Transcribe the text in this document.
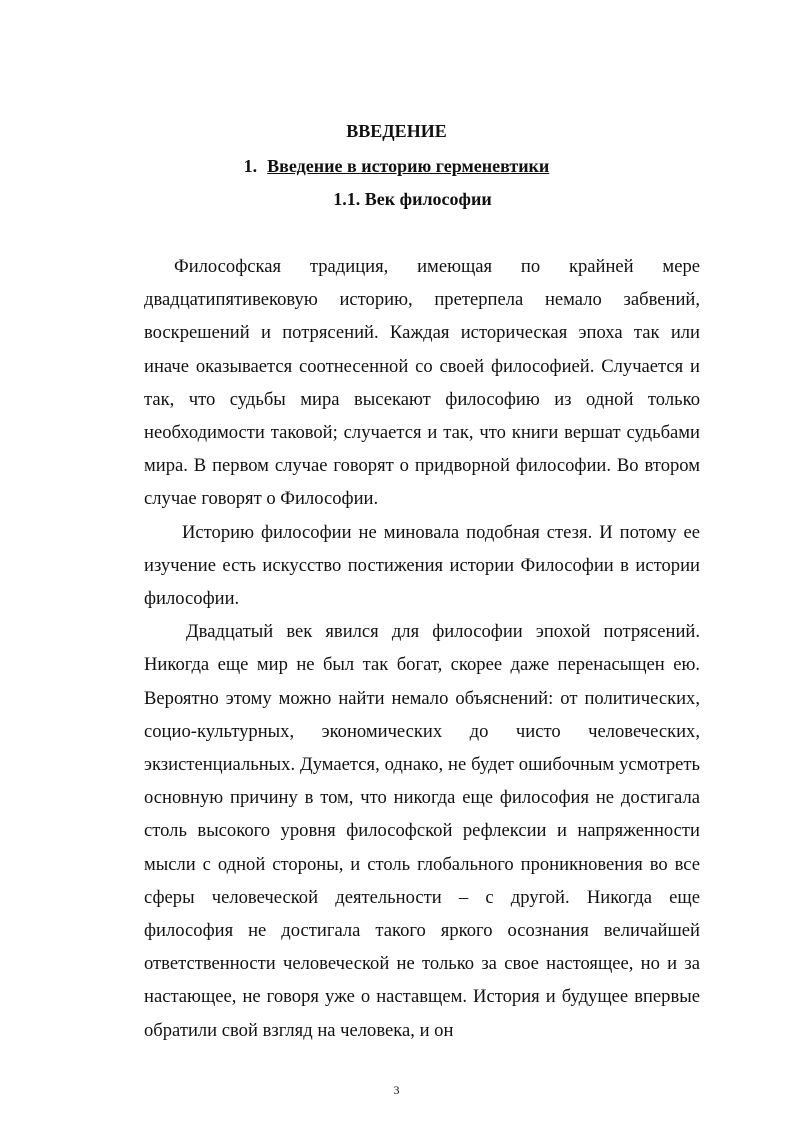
ВВЕДЕНИЕ
1. Введение в историю герменевтики
1.1. Век философии

Философская традиция, имеющая по крайней мере двадцатипятивековую историю, претерпела немало забвений, воскрешений и потрясений. Каждая историческая эпоха так или иначе оказывается соотнесенной со своей философией. Случается и так, что судьбы мира высекают философию из одной только необходимости таковой; случается и так, что книги вершат судьбами мира. В первом случае говорят о придворной философии. Во втором случае говорят о Философии.

Историю философии не миновала подобная стезя. И потому ее изучение есть искусство постижения истории Философии в истории философии.

Двадцатый век явился для философии эпохой потрясений. Никогда еще мир не был так богат, скорее даже перенасыщен ею. Вероятно этому можно найти немало объяснений: от политических, социо-культурных, экономических до чисто человеческих, экзистенциальных. Думается, однако, не будет ошибочным усмотреть основную причину в том, что никогда еще философия не достигала столь высокого уровня философской рефлексии и напряженности мысли с одной стороны, и столь глобального проникновения во все сферы человеческой деятельности – с другой. Никогда еще философия не достигала такого яркого осознания величайшей ответственности человеческой не только за свое настоящее, но и за настающее, не говоря уже о наставщем. История и будущее впервые обратили свой взгляд на человека, и он

3
